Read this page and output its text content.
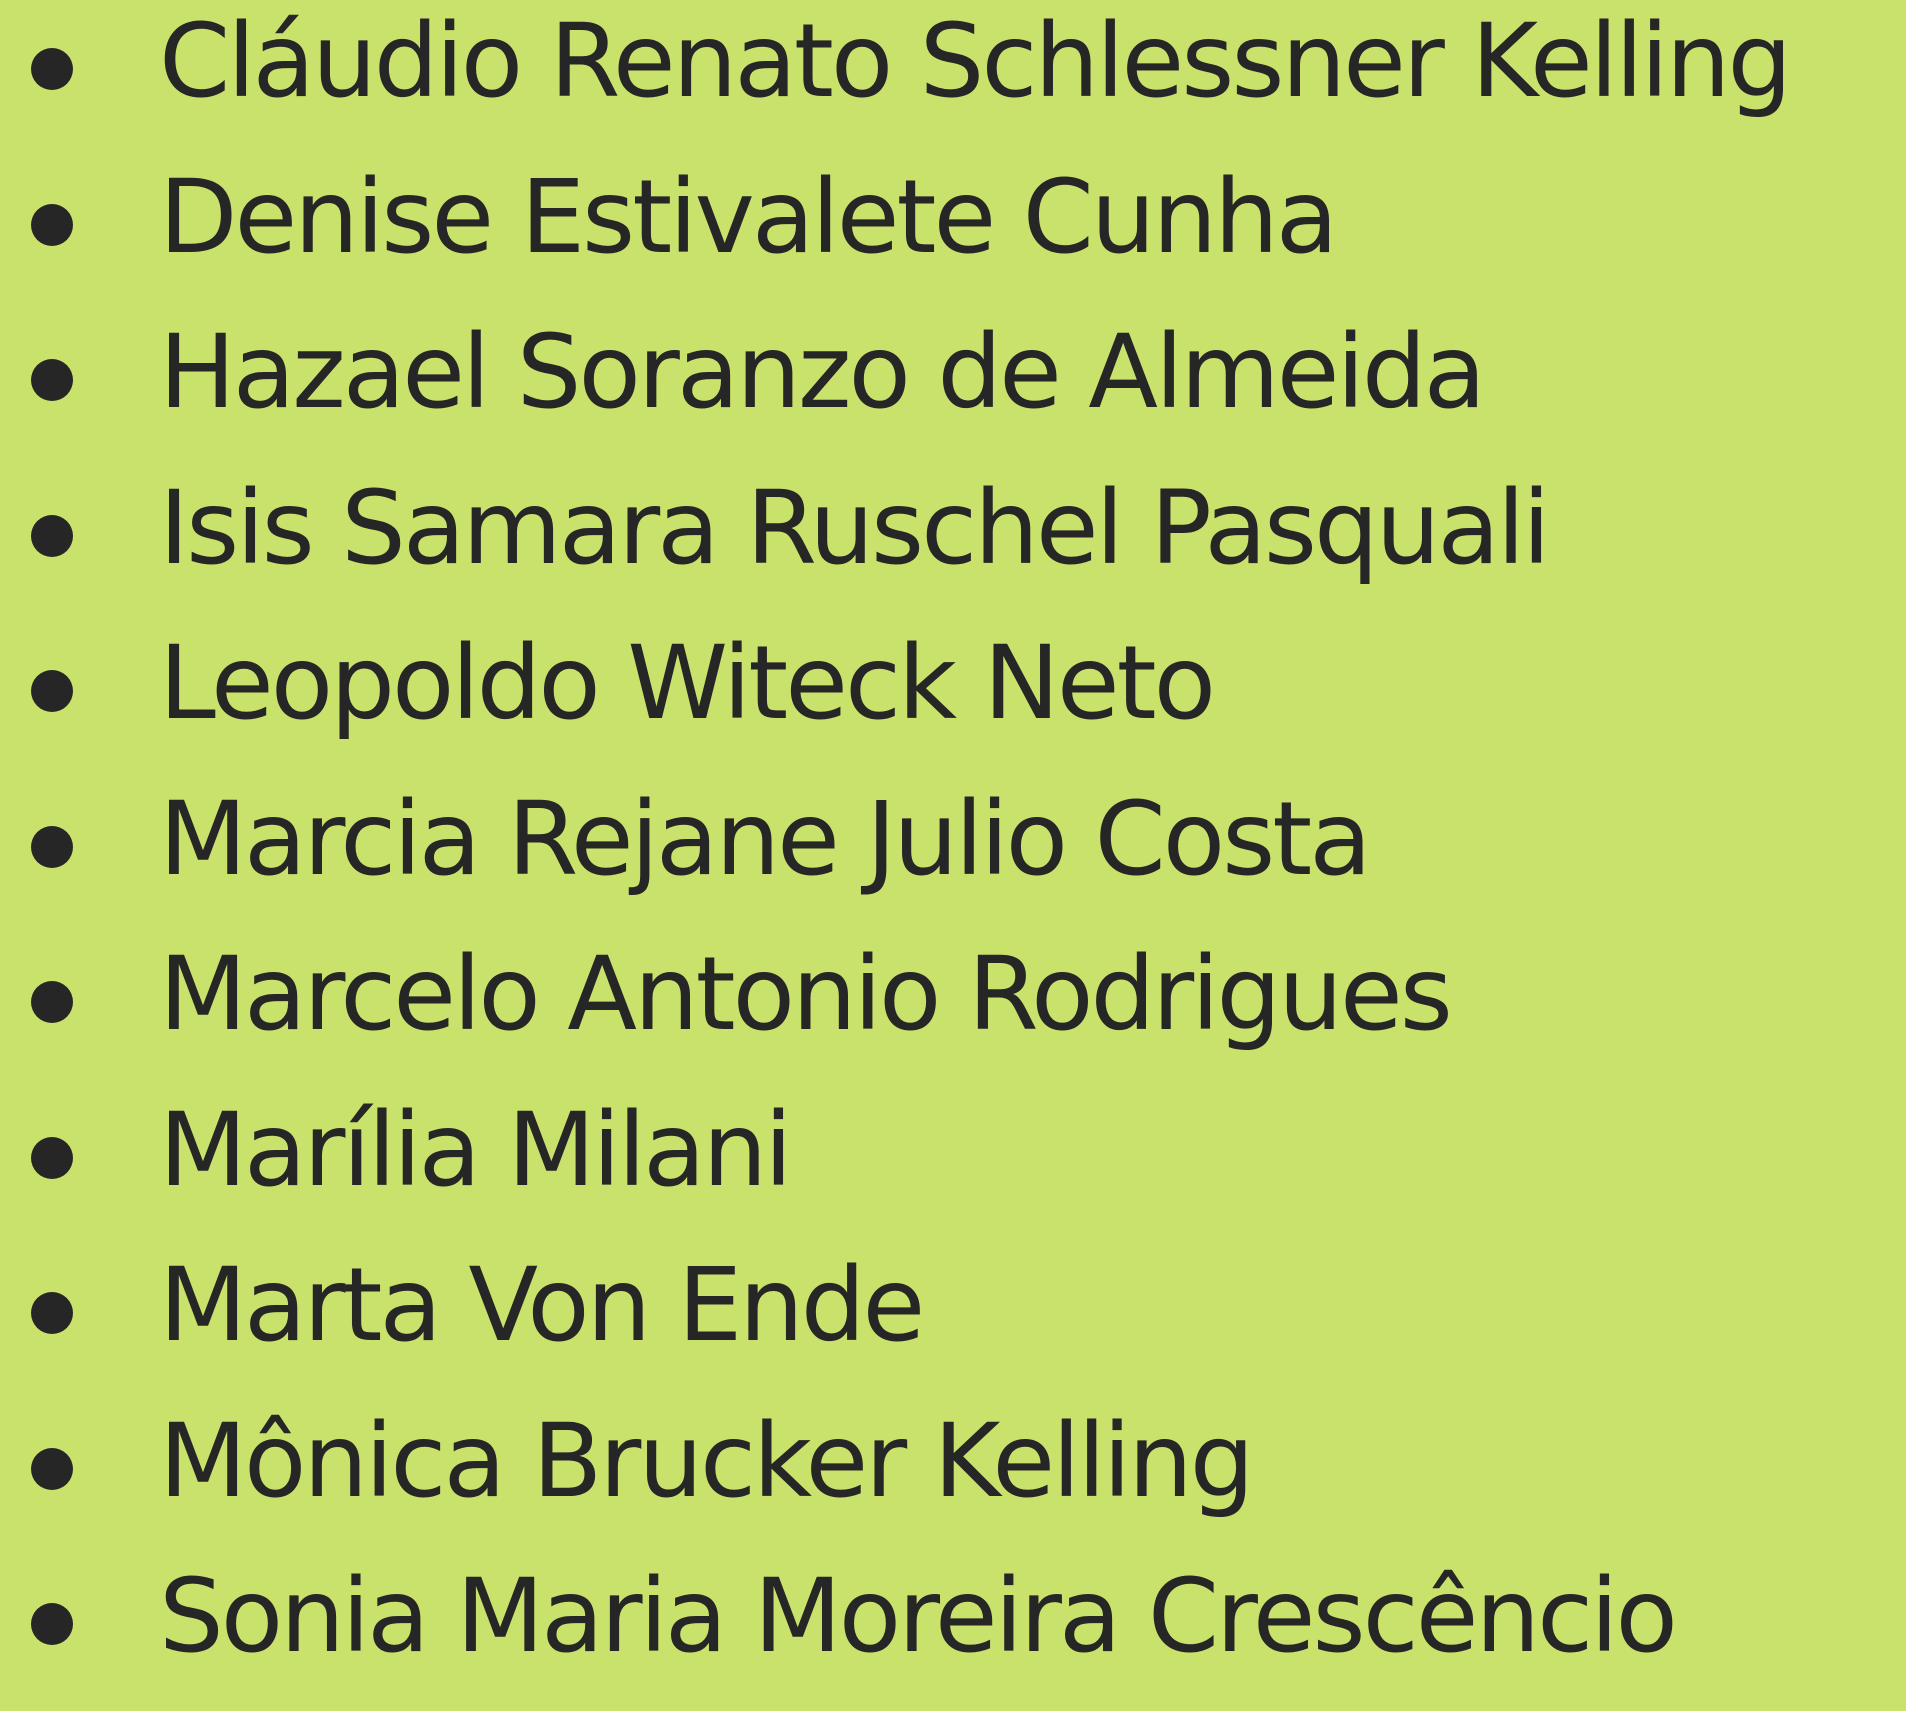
Cláudio Renato Schlessner Kelling
Denise Estivalete Cunha
Hazael Soranzo de Almeida
Isis Samara Ruschel Pasquali
Leopoldo Witeck Neto
Marcia Rejane Julio Costa
Marcelo Antonio Rodrigues
Marília Milani
Marta Von Ende
Mônica Brucker Kelling
Sonia Maria Moreira Crescêncio
